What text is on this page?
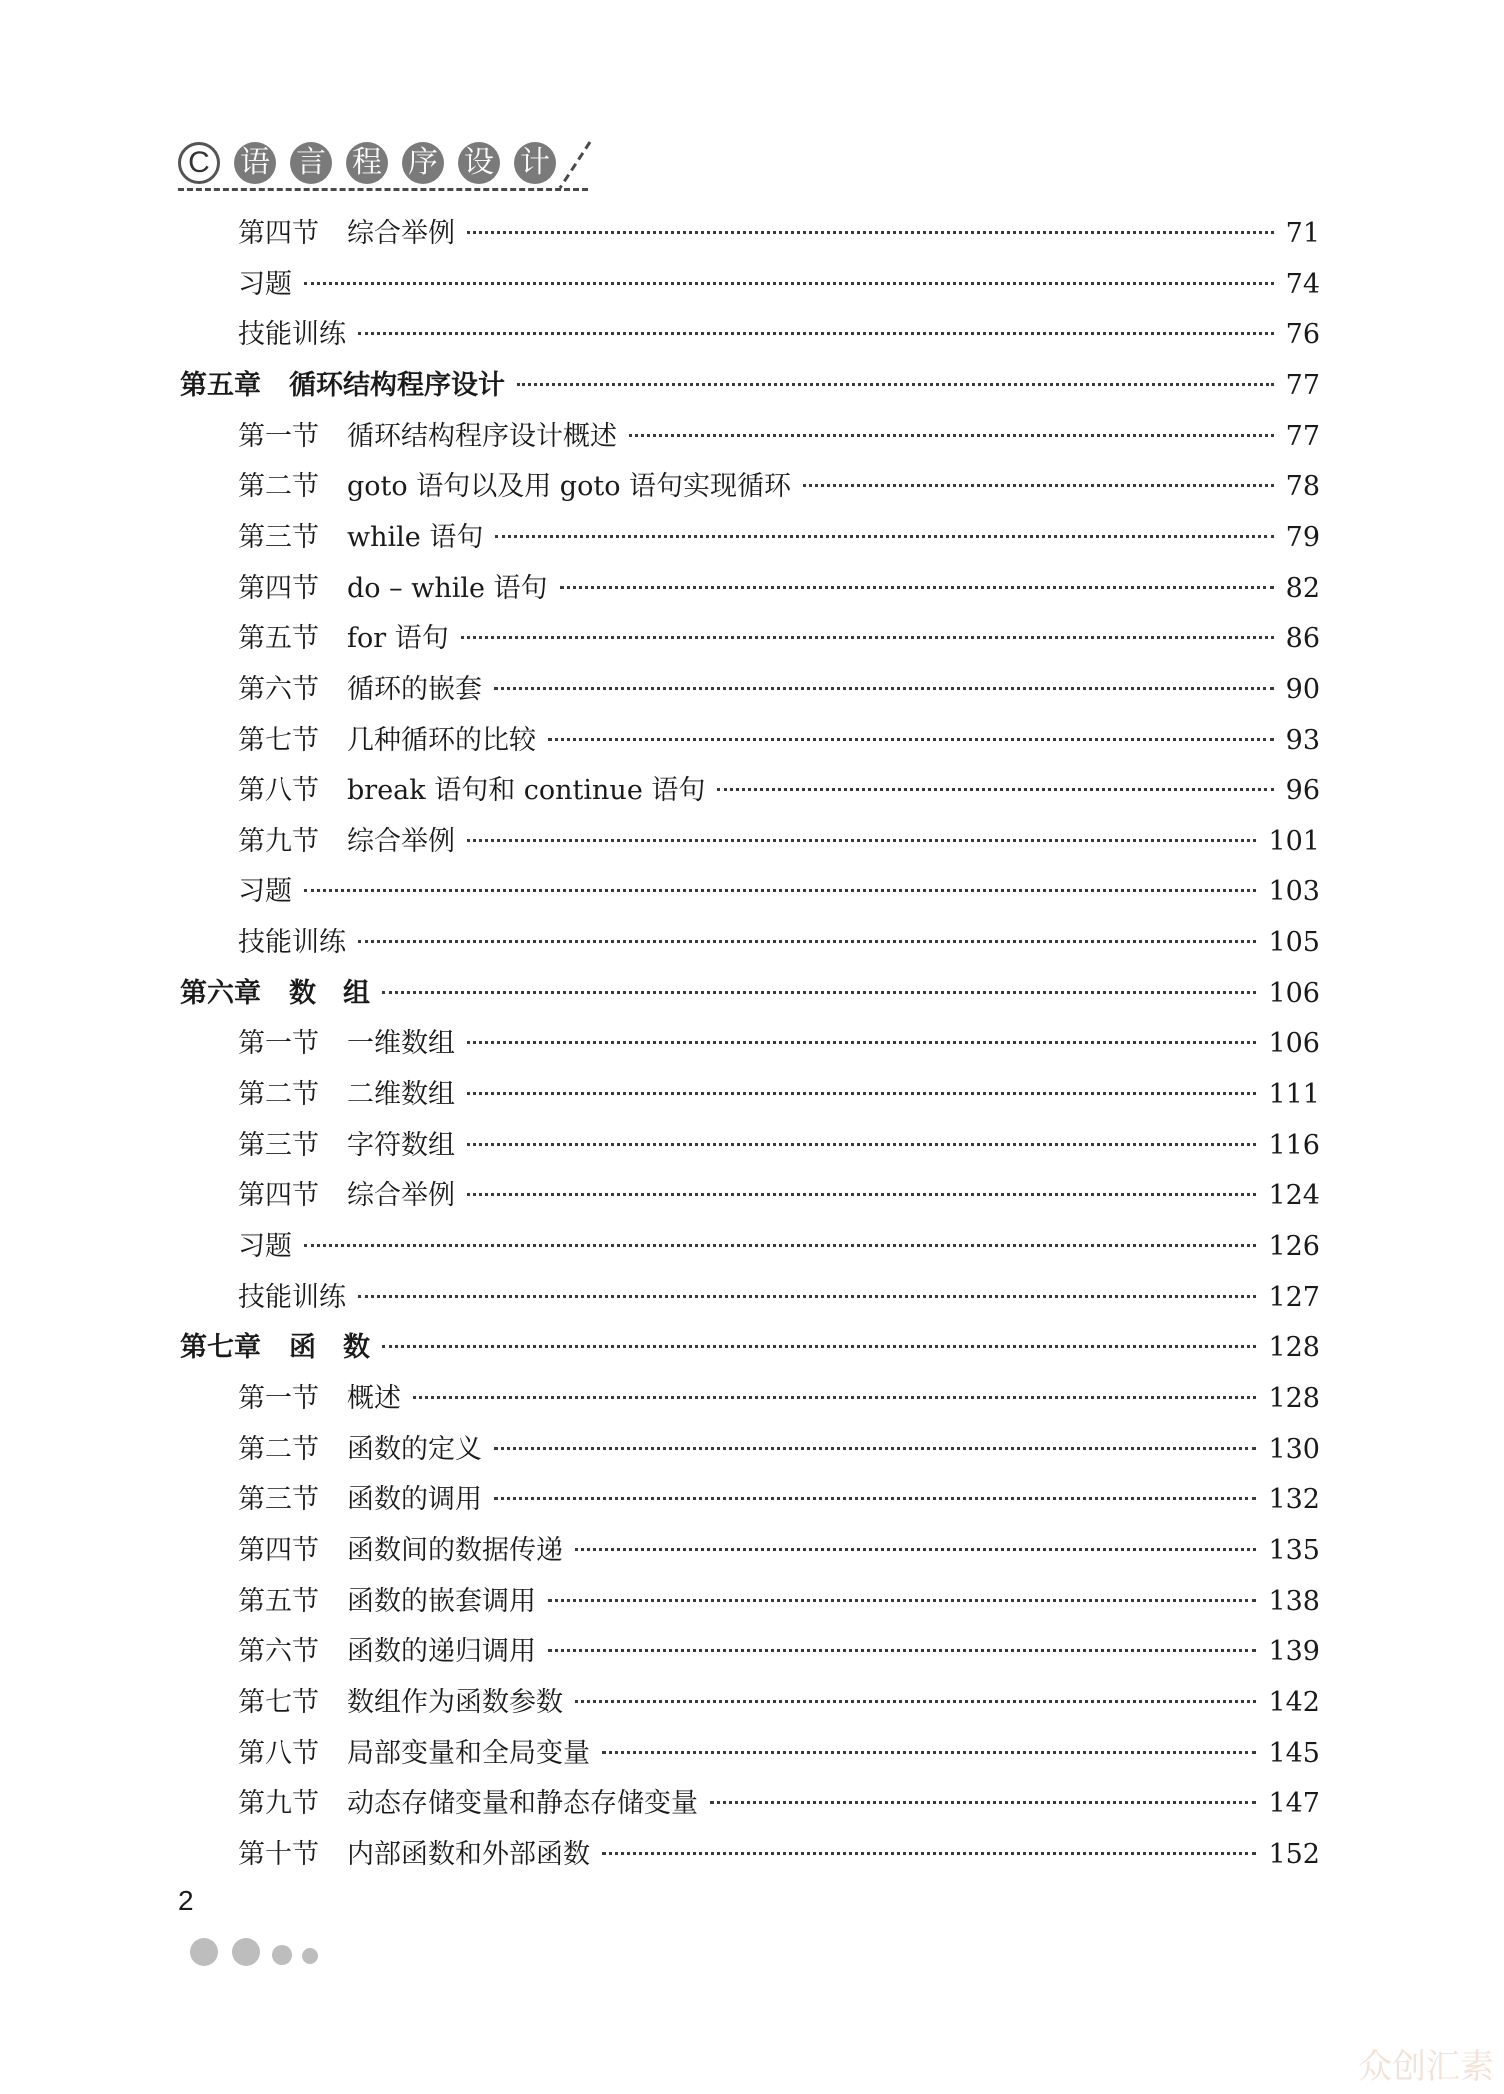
C	语 言 程 序 设 计
第四节 综合举例	71
习题	74
技能训练	76
第五章 循环结构程序设计	77
第一节 循环结构程序设计概述	77
第二节 goto 语句以及用 goto 语句实现循环	78
第三节 while 语句	79
第四节 do – while 语句	82
第五节 for 语句	86
第六节 循环的嵌套	90
第七节 几种循环的比较	93
第八节 break 语句和 continue 语句	96
第九节 综合举例	101
习题	103
技能训练	105
第六章 数　组	106
第一节 一维数组	106
第二节 二维数组	111
第三节 字符数组	116
第四节 综合举例	124
习题	126
技能训练	127
第七章 函　数	128
第一节 概述	128
第二节 函数的定义	130
第三节 函数的调用	132
第四节 函数间的数据传递	135
第五节 函数的嵌套调用	138
第六节 函数的递归调用	139
第七节 数组作为函数参数	142
第八节 局部变量和全局变量	145
第九节 动态存储变量和静态存储变量	147
第十节 内部函数和外部函数	152
2
众创汇素
